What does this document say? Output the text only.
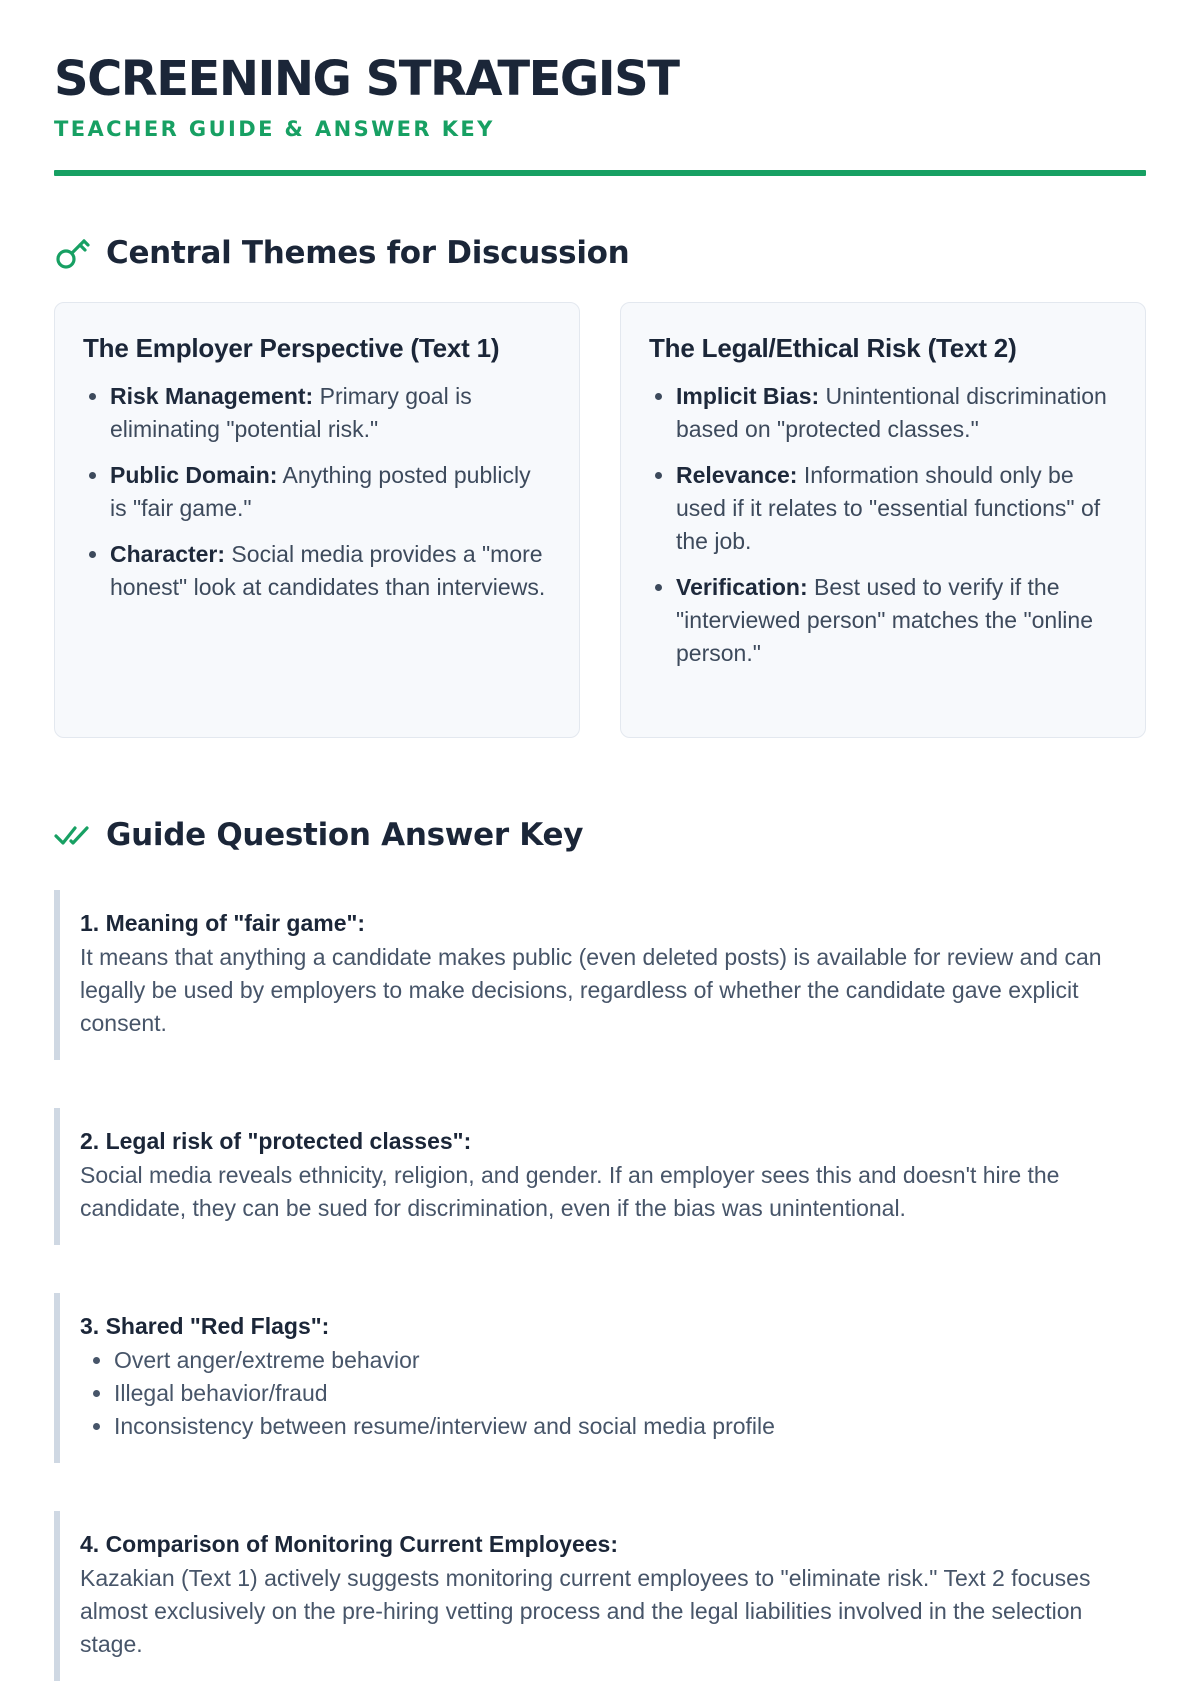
SCREENING STRATEGIST
TEACHER GUIDE & ANSWER KEY
Central Themes for Discussion
The Employer Perspective (Text 1)
• Risk Management: Primary goal is eliminating "potential risk."
• Public Domain: Anything posted publicly is "fair game."
• Character: Social media provides a "more honest" look at candidates than interviews.
The Legal/Ethical Risk (Text 2)
• Implicit Bias: Unintentional discrimination based on "protected classes."
• Relevance: Information should only be used if it relates to "essential functions" of the job.
• Verification: Best used to verify if the "interviewed person" matches the "online person."
Guide Question Answer Key

1. Meaning of "fair game":

It means that anything a candidate makes public (even deleted posts) is available for review and can legally be used by employers to make decisions, regardless of whether the candidate gave explicit consent.

2. Legal risk of "protected classes":

Social media reveals ethnicity, religion, and gender. If an employer sees this and doesn't hire the candidate, they can be sued for discrimination, even if the bias was unintentional.

3. Shared "Red Flags":

• Overt anger/extreme behavior
• Illegal behavior/fraud
• Inconsistency between resume/interview and social media profile

4. Comparison of Monitoring Current Employees:

Kazakian (Text 1) actively suggests monitoring current employees to "eliminate risk." Text 2 focuses almost exclusively on the pre-hiring vetting process and the legal liabilities involved in the selection stage.
